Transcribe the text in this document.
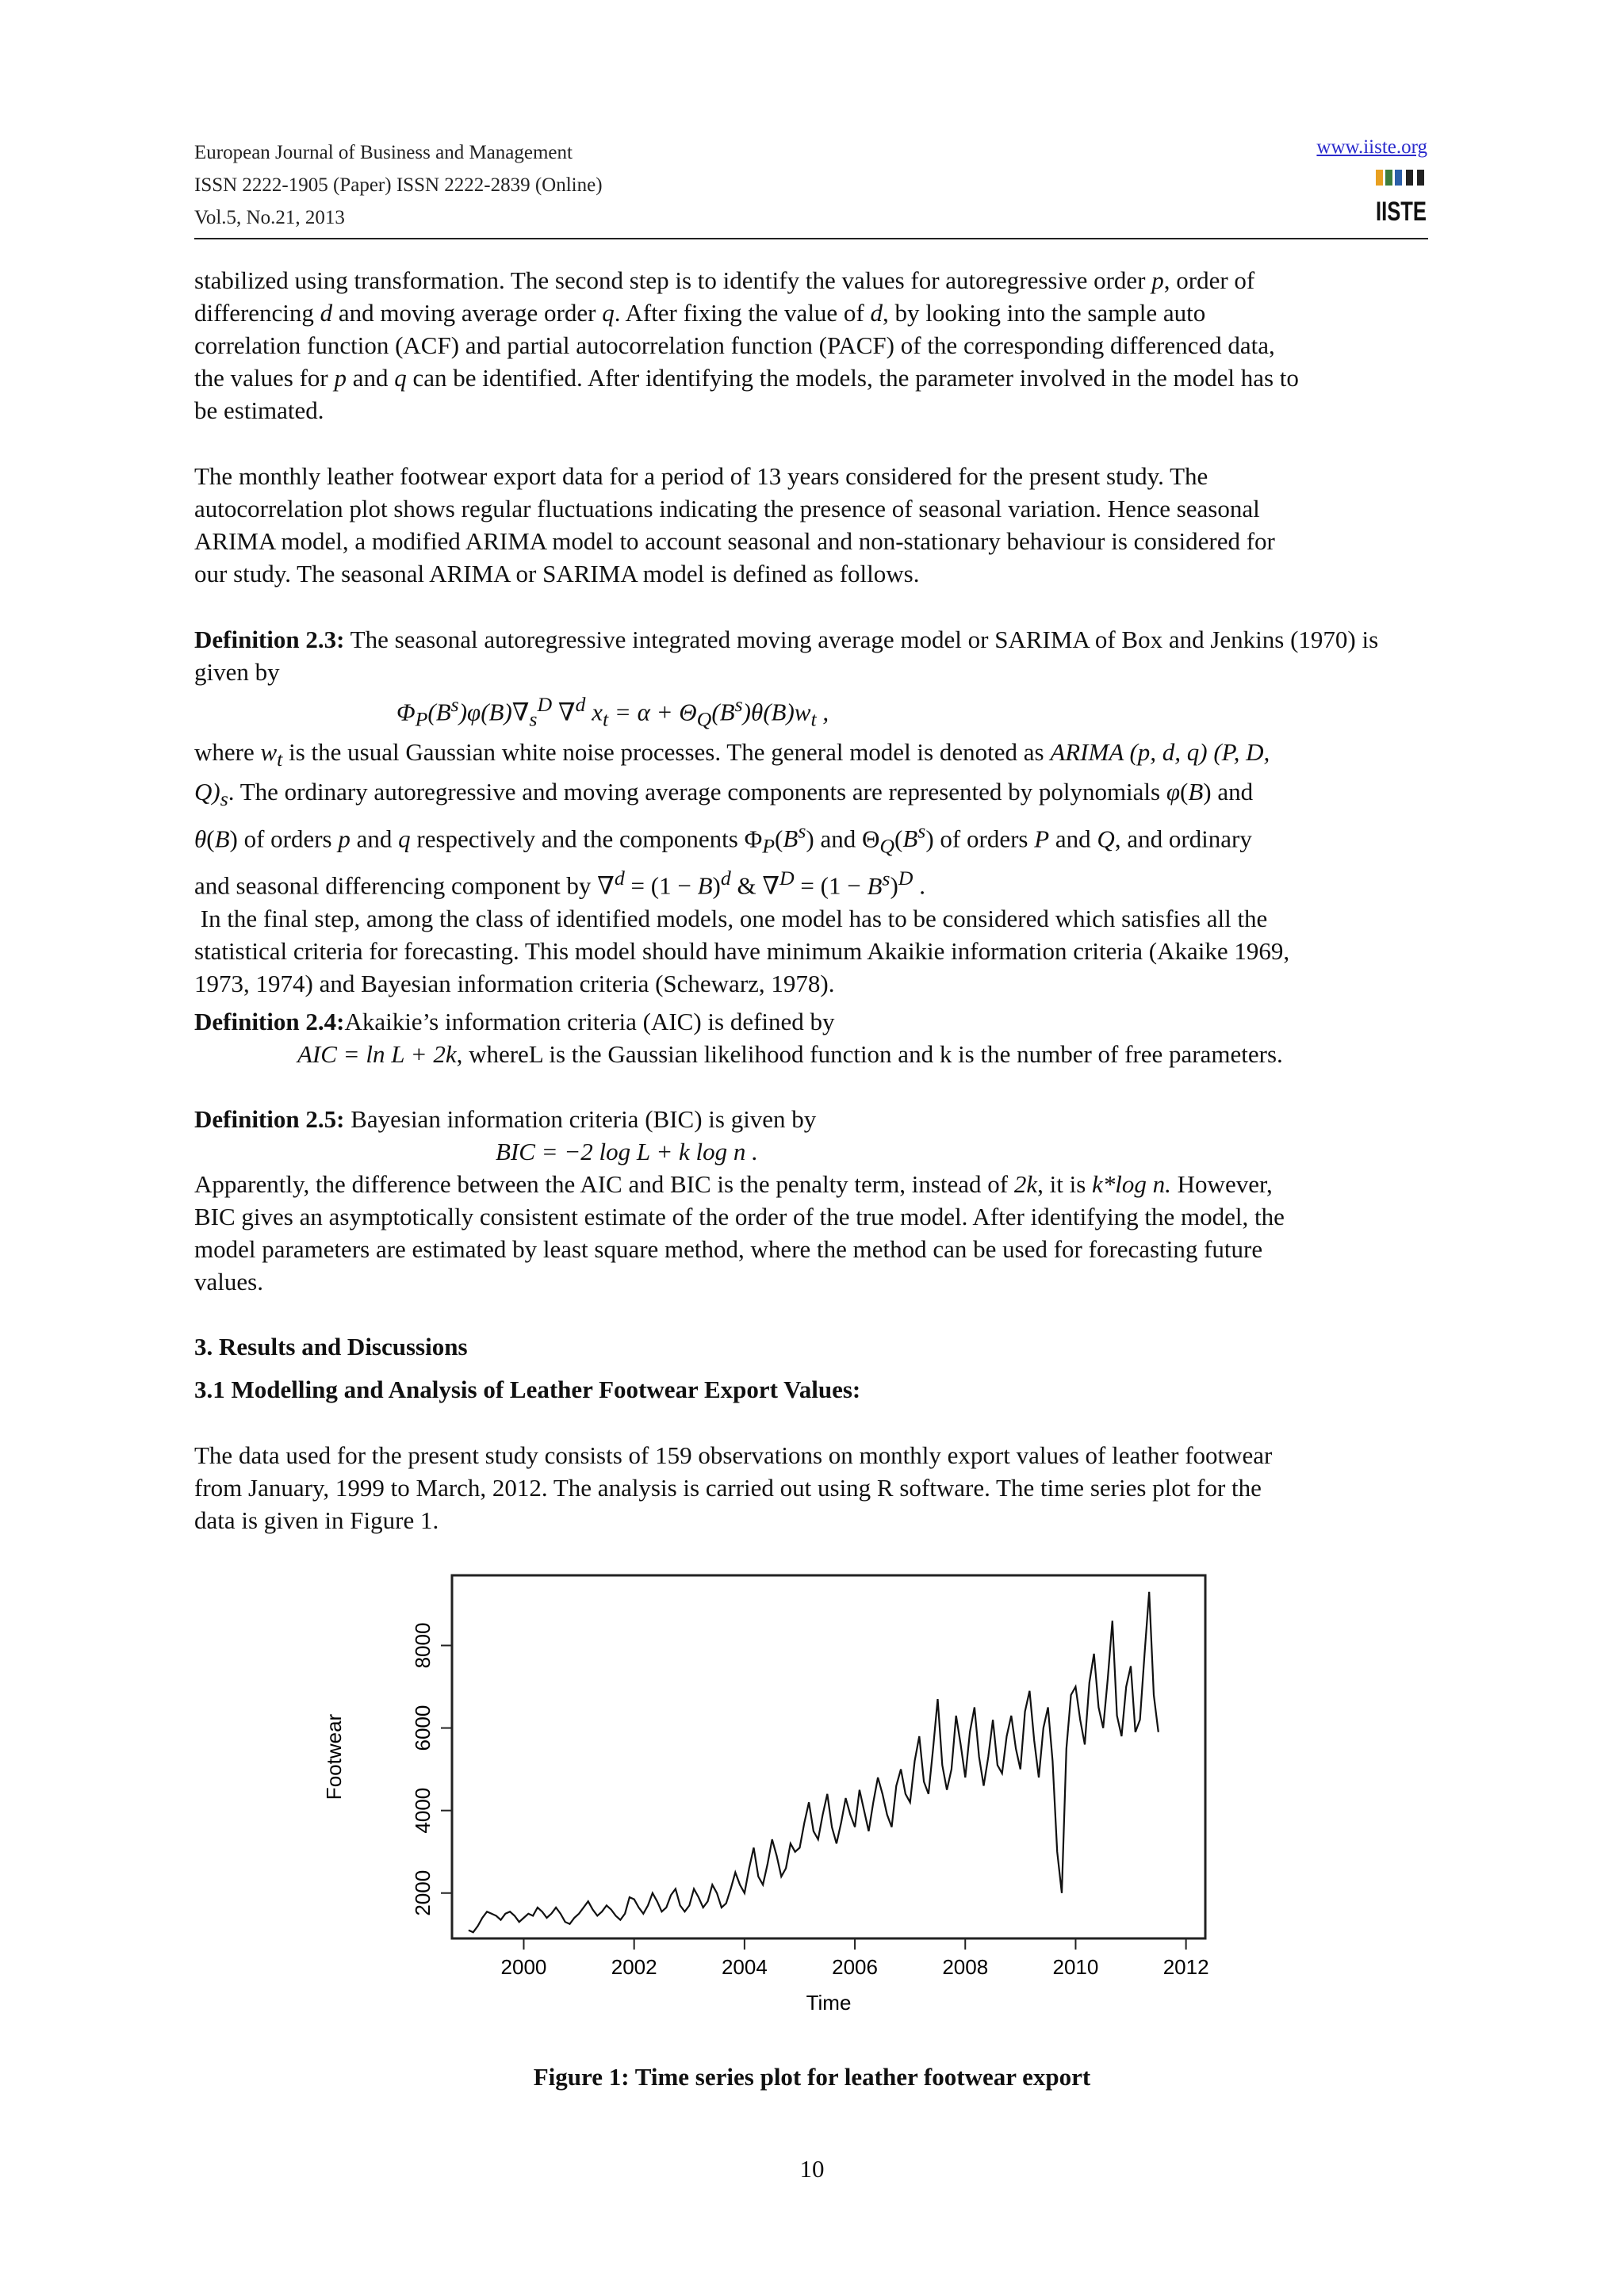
European Journal of Business and Management
ISSN 2222-1905 (Paper) ISSN 2222-2839 (Online)
Vol.5, No.21, 2013
www.iiste.org
IISTE

stabilized using transformation. The second step is to identify the values for autoregressive order p, order of
differencing d and moving average order q. After fixing the value of d, by looking into the sample auto
correlation function (ACF) and partial autocorrelation function (PACF) of the corresponding differenced data,
the values for p and q can be identified. After identifying the models, the parameter involved in the model has to
be estimated.

The monthly leather footwear export data for a period of 13 years considered for the present study. The
autocorrelation plot shows regular fluctuations indicating the presence of seasonal variation. Hence seasonal
ARIMA model, a modified ARIMA model to account seasonal and non-stationary behaviour is considered for
our study. The seasonal ARIMA or SARIMA model is defined as follows.

Definition 2.3: The seasonal autoregressive integrated moving average model or SARIMA of Box and Jenkins (1970) is given by

$\Phi_P(B^s)\varphi(B)\nabla_s^D$ ∇$^d$ $x_t = \alpha + \Theta_Q(B^s)\theta(B)w_t$ ,

where $w_t$ is the usual Gaussian white noise processes. The general model is denoted as ARIMA (p, d, q) (P, D,
$Q)_s$. The ordinary autoregressive and moving average components are represented by polynomials φ(B) and
θ(B) of orders p and q respectively and the components $\Phi_P(B^s)$ and $\Theta_Q(B^s)$ of orders P and Q, and ordinary
and seasonal differencing component by $\nabla^d = (1 - B)^d$ & $\nabla^D = (1 - B^s)^D$ .

In the final step, among the class of identified models, one model has to be considered which satisfies all the
statistical criteria for forecasting. This model should have minimum Akaikie information criteria (Akaike 1969,
1973, 1974) and Bayesian information criteria (Schewarz, 1978).

Definition 2.4:Akaikie’s information criteria (AIC) is defined by

AIC = ln L + 2k, whereL is the Gaussian likelihood function and k is the number of free parameters.

Definition 2.5: Bayesian information criteria (BIC) is given by

BIC = −2 log L + k log n .

Apparently, the difference between the AIC and BIC is the penalty term, instead of 2k, it is k*log n. However,
BIC gives an asymptotically consistent estimate of the order of the true model. After identifying the model, the
model parameters are estimated by least square method, where the method can be used for forecasting future
values.

3. Results and Discussions
3.1 Modelling and Analysis of Leather Footwear Export Values:

The data used for the present study consists of 159 observations on monthly export values of leather footwear
from January, 1999 to March, 2012. The analysis is carried out using R software. The time series plot for the
data is given in Figure 1.

2000	2002	2004	2006	2008	2010	2012
2000
4000
6000
8000
Time
Footwear
Figure 1: Time series plot for leather footwear export
10
